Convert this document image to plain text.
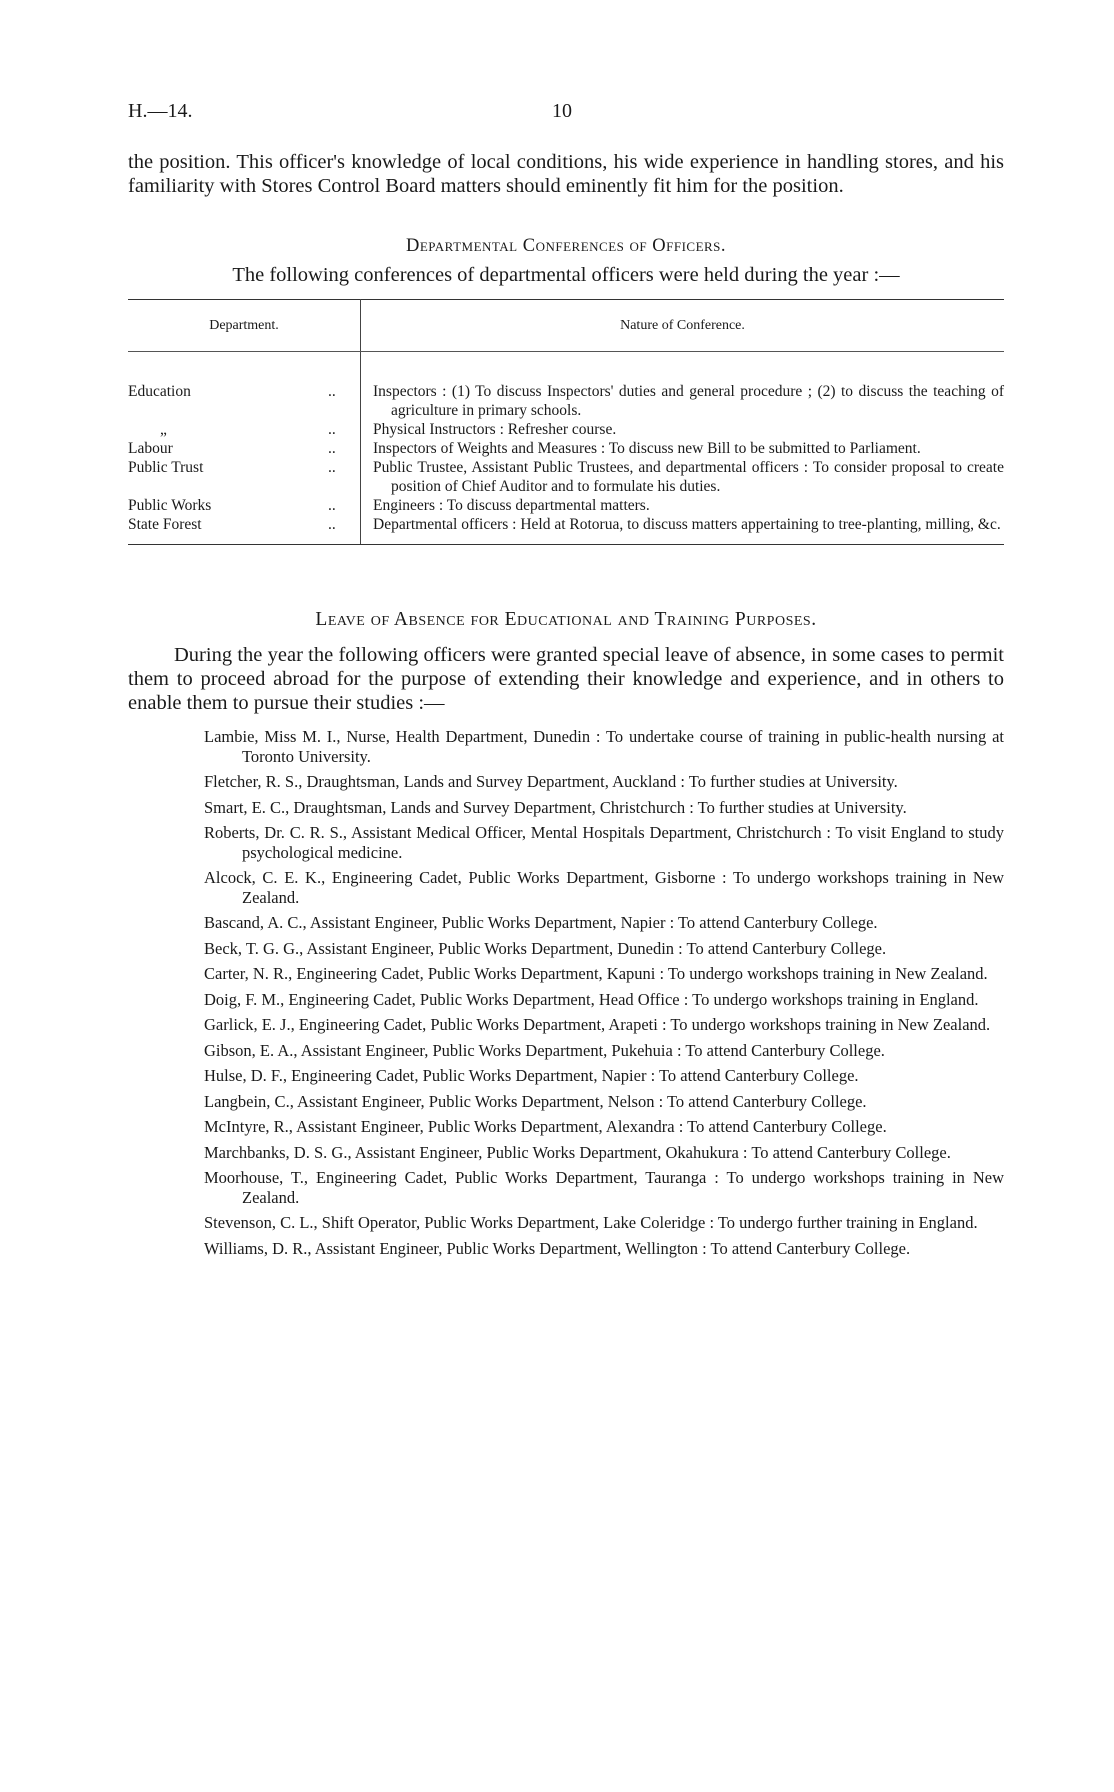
H.—14.	10

the position. This officer's knowledge of local conditions, his wide experience in handling stores, and his familiarity with Stores Control Board matters should eminently fit him for the position.

Departmental Conferences of Officers.
The following conferences of departmental officers were held during the year :—
Department.		Nature of Conference.
Education	..	Inspectors : (1) To discuss Inspectors' duties and general procedure ; (2) to discuss the teaching of agriculture in primary schools.

„	..	Physical Instructors : Refresher course.

Labour	..	Inspectors of Weights and Measures : To discuss new Bill to be submitted to Parliament.

Public Trust	..	Public Trustee, Assistant Public Trustees, and departmental officers : To consider proposal to create position of Chief Auditor and to formulate his duties.

Public Works	..	Engineers : To discuss departmental matters.

State Forest	..	Departmental officers : Held at Rotorua, to discuss matters appertaining to tree-planting, milling, &c.
Leave of Absence for Educational and Training Purposes.

During the year the following officers were granted special leave of absence, in some cases to permit them to proceed abroad for the purpose of extending their knowledge and experience, and in others to enable them to pursue their studies :—

Lambie, Miss M. I., Nurse, Health Department, Dunedin : To undertake course of training in public-health nursing at Toronto University.
Fletcher, R. S., Draughtsman, Lands and Survey Department, Auckland : To further studies at University.
Smart, E. C., Draughtsman, Lands and Survey Department, Christchurch : To further studies at University.
Roberts, Dr. C. R. S., Assistant Medical Officer, Mental Hospitals Department, Christchurch : To visit England to study psychological medicine.
Alcock, C. E. K., Engineering Cadet, Public Works Department, Gisborne : To undergo workshops training in New Zealand.
Bascand, A. C., Assistant Engineer, Public Works Department, Napier : To attend Canterbury College.
Beck, T. G. G., Assistant Engineer, Public Works Department, Dunedin : To attend Canterbury College.
Carter, N. R., Engineering Cadet, Public Works Department, Kapuni : To undergo workshops training in New Zealand.
Doig, F. M., Engineering Cadet, Public Works Department, Head Office : To undergo workshops training in England.
Garlick, E. J., Engineering Cadet, Public Works Department, Arapeti : To undergo workshops training in New Zealand.
Gibson, E. A., Assistant Engineer, Public Works Department, Pukehuia : To attend Canterbury College.
Hulse, D. F., Engineering Cadet, Public Works Department, Napier : To attend Canterbury College.
Langbein, C., Assistant Engineer, Public Works Department, Nelson : To attend Canterbury College.
McIntyre, R., Assistant Engineer, Public Works Department, Alexandra : To attend Canterbury College.
Marchbanks, D. S. G., Assistant Engineer, Public Works Department, Okahukura : To attend Canterbury College.
Moorhouse, T., Engineering Cadet, Public Works Department, Tauranga : To undergo workshops training in New Zealand.
Stevenson, C. L., Shift Operator, Public Works Department, Lake Coleridge : To undergo further training in England.
Williams, D. R., Assistant Engineer, Public Works Department, Wellington : To attend Canterbury College.
